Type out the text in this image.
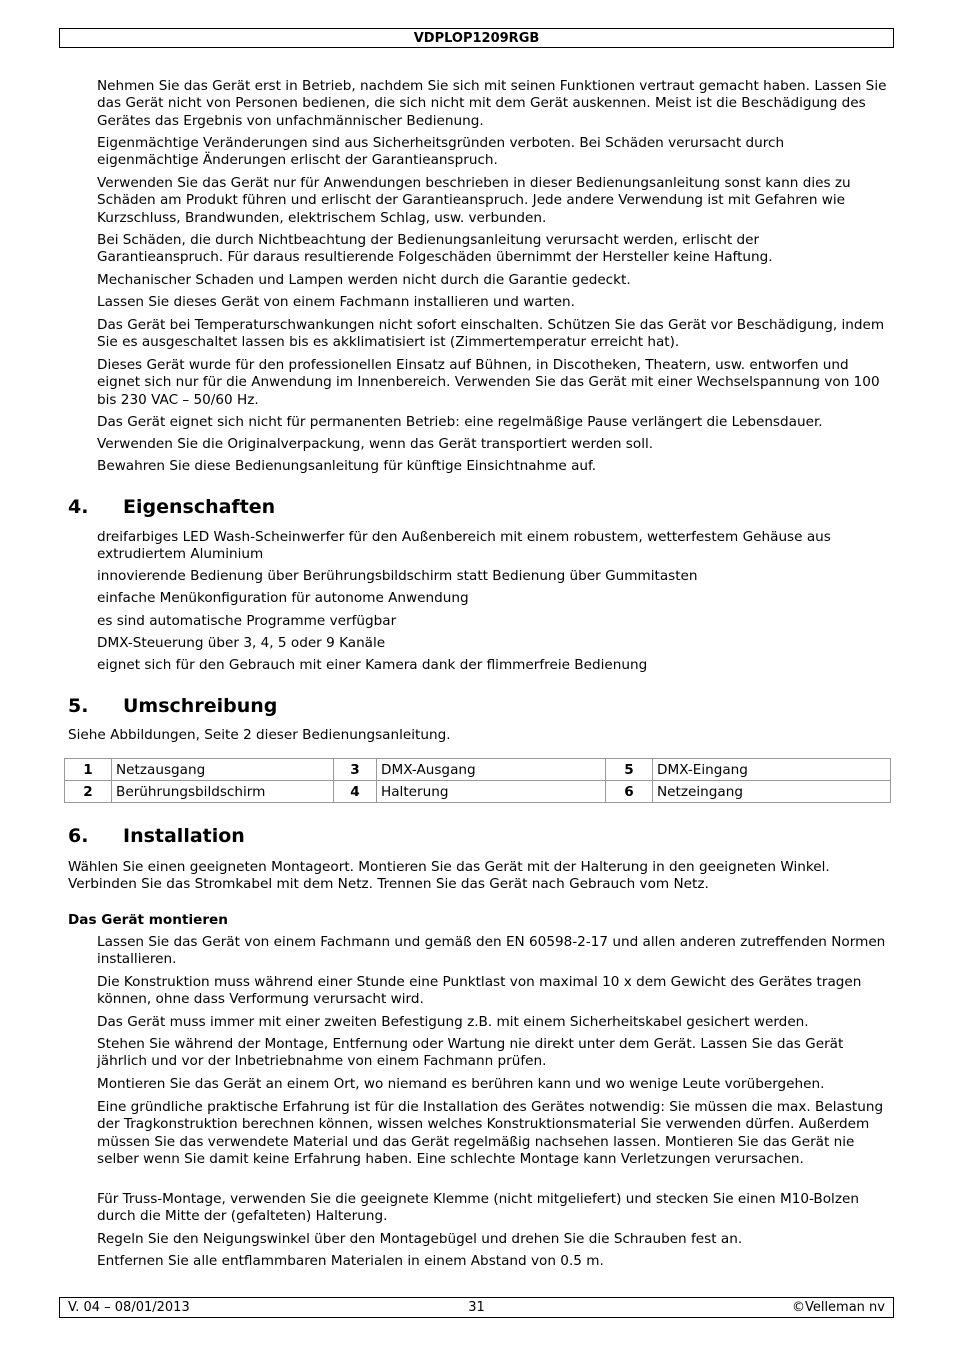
VDPLOP1209RGB

Nehmen Sie das Gerät erst in Betrieb, nachdem Sie sich mit seinen Funktionen vertraut gemacht haben. Lassen Sie das Gerät nicht von Personen bedienen, die sich nicht mit dem Gerät auskennen. Meist ist die Beschädigung des Gerätes das Ergebnis von unfachmännischer Bedienung.

Eigenmächtige Veränderungen sind aus Sicherheitsgründen verboten. Bei Schäden verursacht durch eigenmächtige Änderungen erlischt der Garantieanspruch.

Verwenden Sie das Gerät nur für Anwendungen beschrieben in dieser Bedienungsanleitung sonst kann dies zu Schäden am Produkt führen und erlischt der Garantieanspruch. Jede andere Verwendung ist mit Gefahren wie Kurzschluss, Brandwunden, elektrischem Schlag, usw. verbunden.

Bei Schäden, die durch Nichtbeachtung der Bedienungsanleitung verursacht werden, erlischt der Garantieanspruch. Für daraus resultierende Folgeschäden übernimmt der Hersteller keine Haftung.

Mechanischer Schaden und Lampen werden nicht durch die Garantie gedeckt.

Lassen Sie dieses Gerät von einem Fachmann installieren und warten.

Das Gerät bei Temperaturschwankungen nicht sofort einschalten. Schützen Sie das Gerät vor Beschädigung, indem Sie es ausgeschaltet lassen bis es akklimatisiert ist (Zimmertemperatur erreicht hat).

Dieses Gerät wurde für den professionellen Einsatz auf Bühnen, in Discotheken, Theatern, usw. entworfen und eignet sich nur für die Anwendung im Innenbereich. Verwenden Sie das Gerät mit einer Wechselspannung von 100 bis 230 VAC – 50/60 Hz.

Das Gerät eignet sich nicht für permanenten Betrieb: eine regelmäßige Pause verlängert die Lebensdauer.

Verwenden Sie die Originalverpackung, wenn das Gerät transportiert werden soll.

Bewahren Sie diese Bedienungsanleitung für künftige Einsichtnahme auf.

4. Eigenschaften

dreifarbiges LED Wash-Scheinwerfer für den Außenbereich mit einem robustem, wetterfestem Gehäuse aus extrudiertem Aluminium

innovierende Bedienung über Berührungsbildschirm statt Bedienung über Gummitasten

einfache Menükonfiguration für autonome Anwendung

es sind automatische Programme verfügbar

DMX-Steuerung über 3, 4, 5 oder 9 Kanäle

eignet sich für den Gebrauch mit einer Kamera dank der flimmerfreie Bedienung

5. Umschreibung

Siehe Abbildungen, Seite 2 dieser Bedienungsanleitung.

1	Netzausgang	3	DMX-Ausgang	5	DMX-Eingang
2	Berührungsbildschirm	4	Halterung	6	Netzeingang
6. Installation

Wählen Sie einen geeigneten Montageort. Montieren Sie das Gerät mit der Halterung in den geeigneten Winkel. Verbinden Sie das Stromkabel mit dem Netz. Trennen Sie das Gerät nach Gebrauch vom Netz.

Das Gerät montieren

Lassen Sie das Gerät von einem Fachmann und gemäß den EN 60598-2-17 und allen anderen zutreffenden Normen installieren.

Die Konstruktion muss während einer Stunde eine Punktlast von maximal 10 x dem Gewicht des Gerätes tragen können, ohne dass Verformung verursacht wird.

Das Gerät muss immer mit einer zweiten Befestigung z.B. mit einem Sicherheitskabel gesichert werden.

Stehen Sie während der Montage, Entfernung oder Wartung nie direkt unter dem Gerät. Lassen Sie das Gerät jährlich und vor der Inbetriebnahme von einem Fachmann prüfen.

Montieren Sie das Gerät an einem Ort, wo niemand es berühren kann und wo wenige Leute vorübergehen.

Eine gründliche praktische Erfahrung ist für die Installation des Gerätes notwendig: Sie müssen die max. Belastung der Tragkonstruktion berechnen können, wissen welches Konstruktionsmaterial Sie verwenden dürfen. Außerdem müssen Sie das verwendete Material und das Gerät regelmäßig nachsehen lassen. Montieren Sie das Gerät nie selber wenn Sie damit keine Erfahrung haben. Eine schlechte Montage kann Verletzungen verursachen.

Für Truss-Montage, verwenden Sie die geeignete Klemme (nicht mitgeliefert) und stecken Sie einen M10-Bolzen durch die Mitte der (gefalteten) Halterung.

Regeln Sie den Neigungswinkel über den Montagebügel und drehen Sie die Schrauben fest an.

Entfernen Sie alle entflammbaren Materialen in einem Abstand von 0.5 m.

V. 04 – 08/01/2013	31	©Velleman nv
